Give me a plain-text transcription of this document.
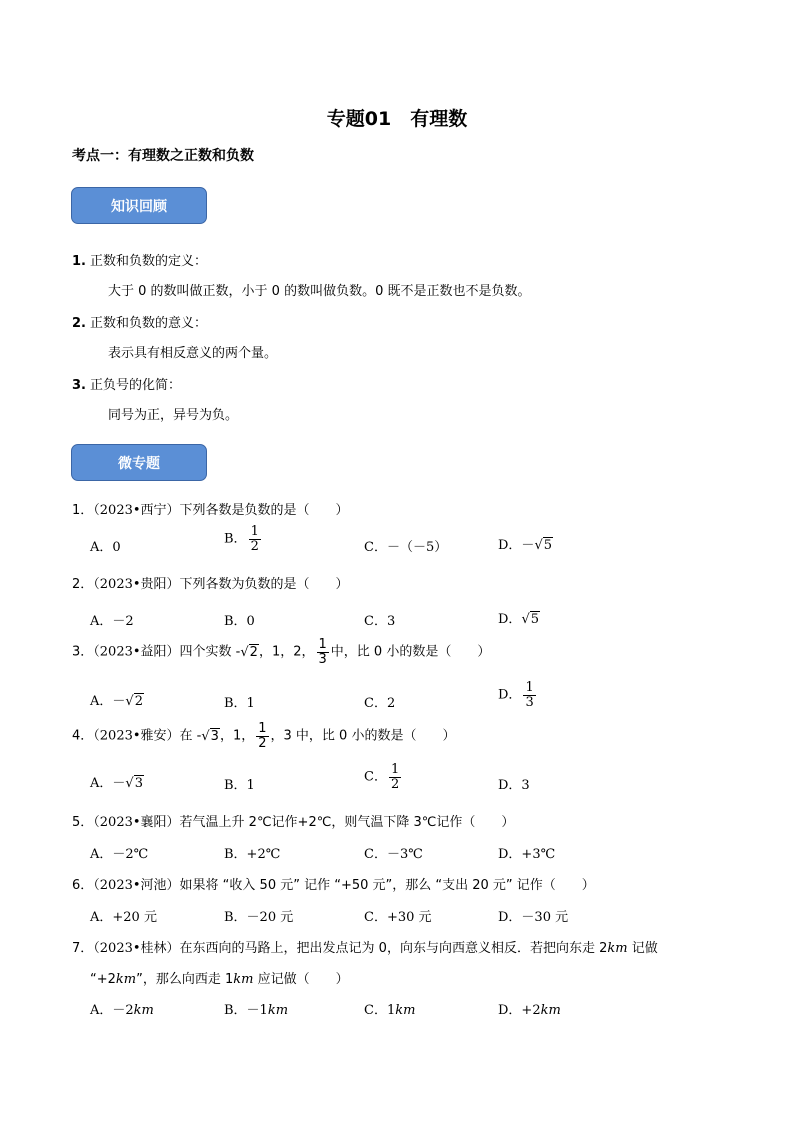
专题01　有理数
考点一：有理数之正数和负数
知识回顾
1. 正数和负数的定义：
大于 0 的数叫做正数，小于 0 的数叫做负数。0 既不是正数也不是负数。
2. 正数和负数的意义：
表示具有相反意义的两个量。
3. 正负号的化简：
同号为正，异号为负。
微专题
1．（2023•西宁）下列各数是负数的是（　　）
A．0
B． $\frac{1}{2}$	C．－（－5）	D．－√5
2．（2023•贵阳）下列各数为负数的是（　　）
A．－2	B．0	C．3	D．√5
3．（2023•益阳）四个实数 -√2，1，2， $\frac{1}{3}$ 中，比 0 小的数是（　　）
A．－√2	B．1	C．2
D． $\frac{1}{3}$
4．（2023•雅安）在 -√3，1， $\frac{1}{2}$ ，3 中，比 0 小的数是（　　）
A．－√3	B．1
C． $\frac{1}{2}$	D．3
5．（2023•襄阳）若气温上升 2℃记作+2℃，则气温下降 3℃记作（　　）
A．－2℃	B．+2℃	C．－3℃	D．+3℃
6．（2023•河池）如果将 “收入 50 元” 记作 “+50 元”，那么 “支出 20 元” 记作（　　）
A．+20 元	B．－20 元	C．+30 元	D．－30 元
7．（2023•桂林）在东西向的马路上，把出发点记为 0，向东与向西意义相反．若把向东走 2km 记做
“+2km”，那么向西走 1km 应记做（　　）
A．－2km	B．－1km	C．1km	D．+2km
